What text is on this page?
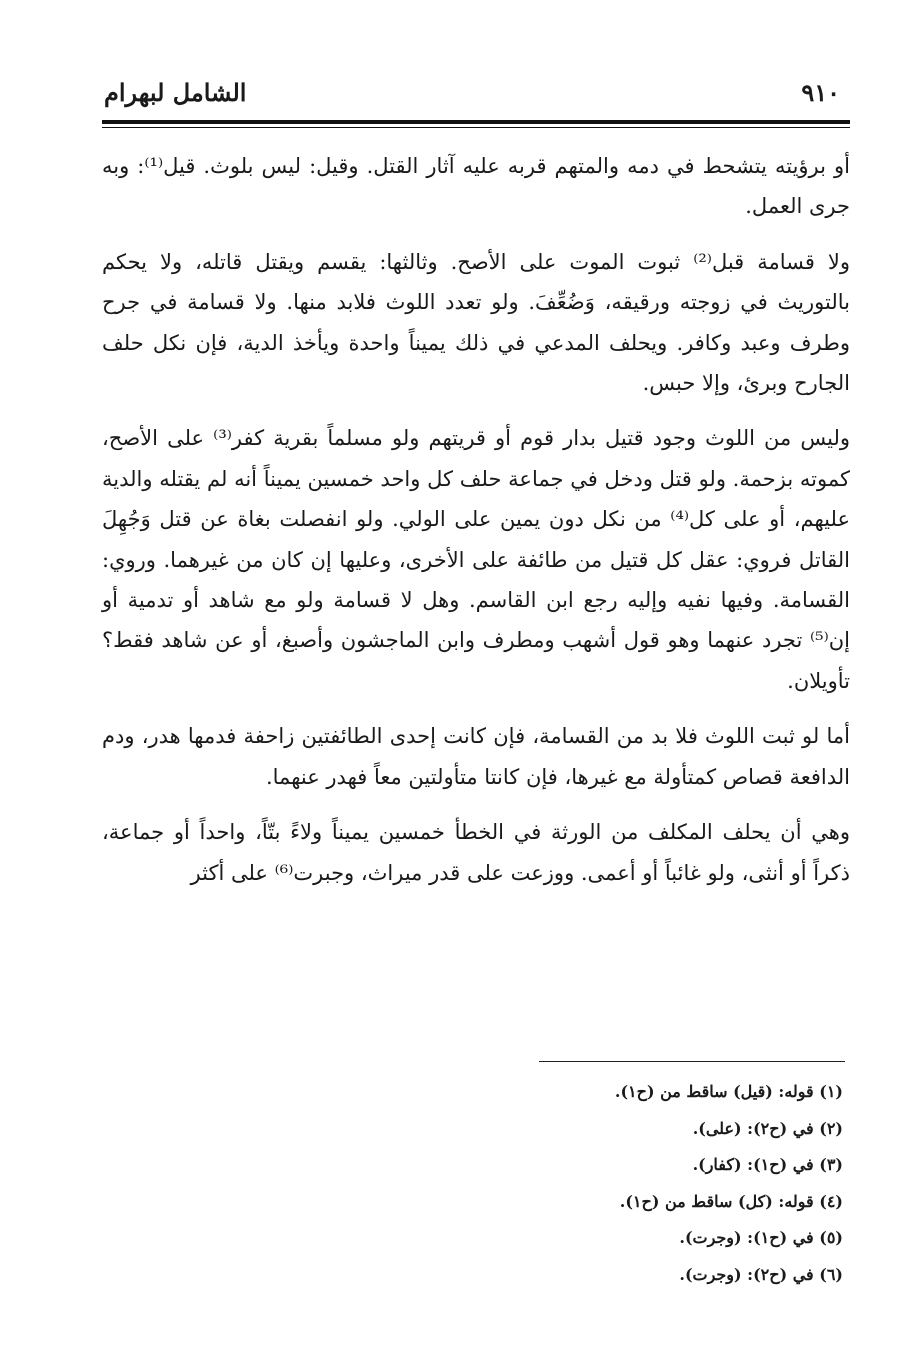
٩١٠
الشامل لبهرام

أو برؤيته يتشحط في دمه والمتهم قربه عليه آثار القتل. وقيل: ليس بلوث. قيل⁽¹⁾: وبه جرى العمل.

ولا قسامة قبل⁽²⁾ ثبوت الموت على الأصح. وثالثها: يقسم ويقتل قاتله، ولا يحكم بالتوريث في زوجته ورقيقه، وَضُعِّفَ. ولو تعدد اللوث فلابد منها. ولا قسامة في جرح وطرف وعبد وكافر. ويحلف المدعي في ذلك يميناً واحدة ويأخذ الدية، فإن نكل حلف الجارح وبرئ، وإلا حبس.

وليس من اللوث وجود قتيل بدار قوم أو قريتهم ولو مسلماً بقرية كفر⁽³⁾ على الأصح، كموته بزحمة. ولو قتل ودخل في جماعة حلف كل واحد خمسين يميناً أنه لم يقتله والدية عليهم، أو على كل⁽⁴⁾ من نكل دون يمين على الولي. ولو انفصلت بغاة عن قتل وَجُهِلَ القاتل فروي: عقل كل قتيل من طائفة على الأخرى، وعليها إن كان من غيرهما. وروي: القسامة. وفيها نفيه وإليه رجع ابن القاسم. وهل لا قسامة ولو مع شاهد أو تدمية أو إن⁽⁵⁾ تجرد عنهما وهو قول أشهب ومطرف وابن الماجشون وأصبغ، أو عن شاهد فقط؟ تأويلان.

أما لو ثبت اللوث فلا بد من القسامة، فإن كانت إحدى الطائفتين زاحفة فدمها هدر، ودم الدافعة قصاص كمتأولة مع غيرها، فإن كانتا متأولتين معاً فهدر عنهما.

وهي أن يحلف المكلف من الورثة في الخطأ خمسين يميناً ولاءً بتّاً، واحداً أو جماعة، ذكراً أو أنثى، ولو غائباً أو أعمى. ووزعت على قدر ميراث، وجبرت⁽⁶⁾ على أكثر

(١) قوله: (قيل) ساقط من (ح١).

(٢) في (ح٢): (على).

(٣) في (ح١): (كفار).

(٤) قوله: (كل) ساقط من (ح١).

(٥) في (ح١): (وجرت).

(٦) في (ح٢): (وجرت).
